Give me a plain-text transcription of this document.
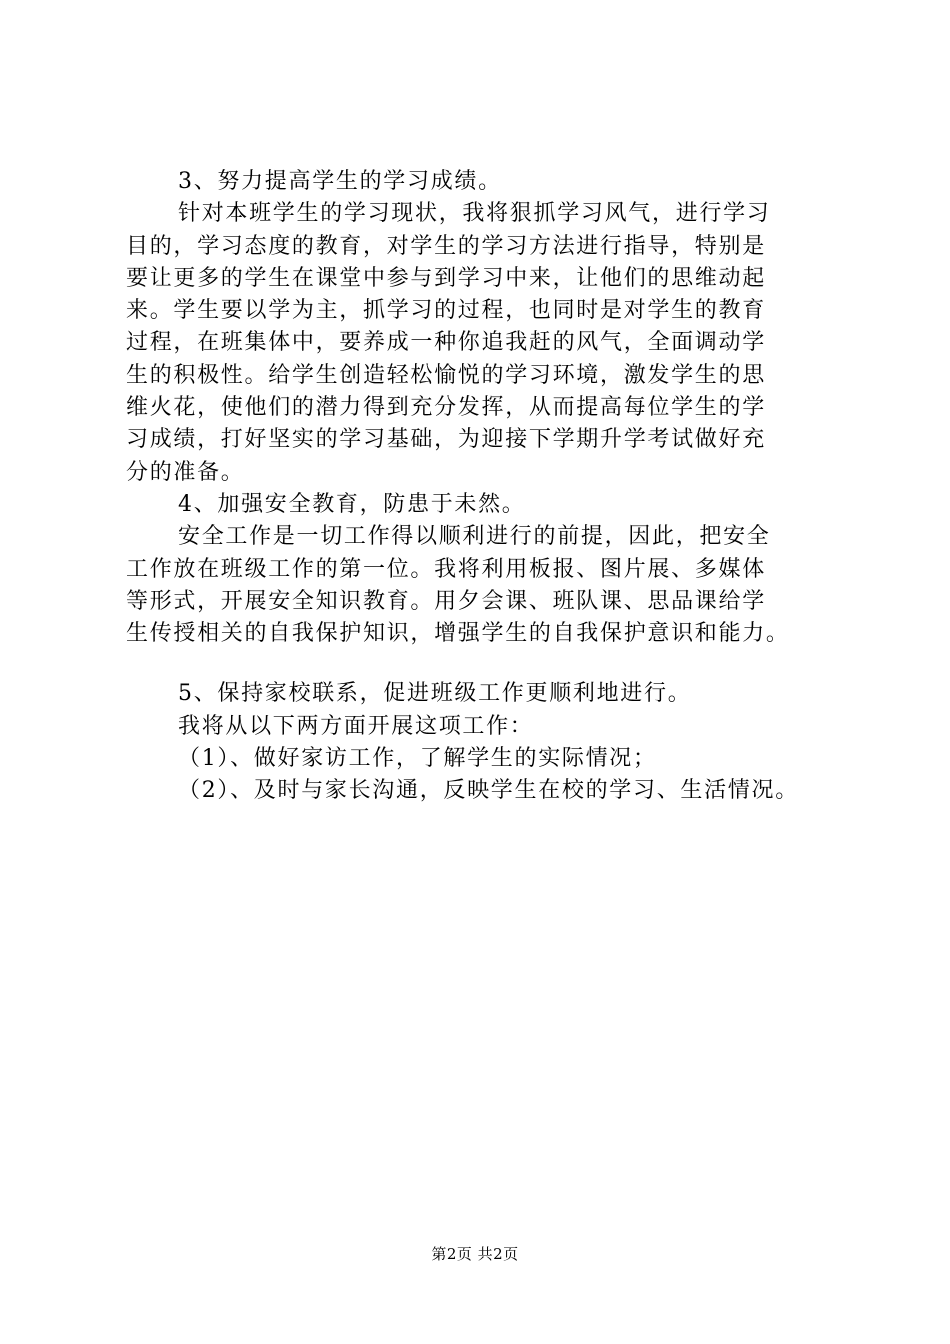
3、努力提高学生的学习成绩。
针对本班学生的学习现状，我将狠抓学习风气，进行学习
目的，学习态度的教育，对学生的学习方法进行指导，特别是
要让更多的学生在课堂中参与到学习中来，让他们的思维动起
来。学生要以学为主，抓学习的过程，也同时是对学生的教育
过程，在班集体中，要养成一种你追我赶的风气，全面调动学
生的积极性。给学生创造轻松愉悦的学习环境，激发学生的思
维火花，使他们的潜力得到充分发挥，从而提高每位学生的学
习成绩，打好坚实的学习基础，为迎接下学期升学考试做好充
分的准备。
4、加强安全教育，防患于未然。
安全工作是一切工作得以顺利进行的前提，因此，把安全
工作放在班级工作的第一位。我将利用板报、图片展、多媒体
等形式，开展安全知识教育。用夕会课、班队课、思品课给学
生传授相关的自我保护知识，增强学生的自我保护意识和能力。
5、保持家校联系，促进班级工作更顺利地进行。
我将从以下两方面开展这项工作：
（1）、做好家访工作，了解学生的实际情况；
（2）、及时与家长沟通，反映学生在校的学习、生活情况。
第2页 共2页
